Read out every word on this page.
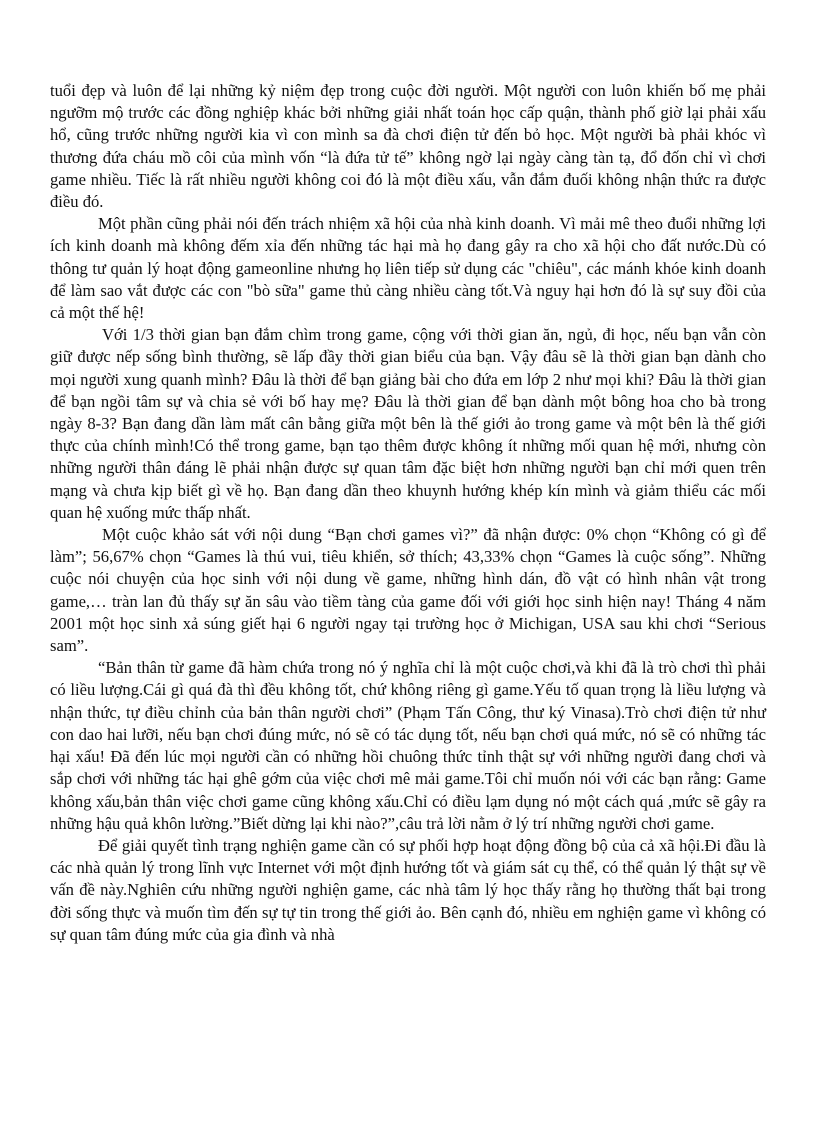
tuổi đẹp và luôn để lại những kỷ niệm đẹp trong cuộc đời người. Một người con luôn khiến bố mẹ phải ngưỡm mộ trước các đồng nghiệp khác bởi những giải nhất toán học cấp quận, thành phố giờ lại phải xấu hổ, cũng trước những người kia vì con mình sa đà chơi điện tử đến bỏ học. Một người bà phải khóc vì thương đứa cháu mồ côi của mình vốn “là đứa tử tế” không ngờ lại ngày càng tàn tạ, đổ đốn chỉ vì chơi game nhiều. Tiếc là rất nhiều người không coi đó là một điều xấu, vẫn đắm đuối không nhận thức ra được điều đó.

Một phần cũng phải nói đến trách nhiệm xã hội của nhà kinh doanh. Vì mải mê theo đuổi những lợi ích kinh doanh mà không đếm xỉa đến những tác hại mà họ đang gây ra cho xã hội cho đất nước.Dù có thông tư quản lý hoạt động gameonline nhưng họ liên tiếp sử dụng các "chiêu", các mánh khóe kinh doanh để làm sao vắt được các con "bò sữa" game thủ càng nhiều càng tốt.Và nguy hại hơn đó là sự suy đồi của cả một thế hệ!

Với 1/3 thời gian bạn đắm chìm trong game, cộng với thời gian ăn, ngủ, đi học, nếu bạn vẫn còn giữ được nếp sống bình thường, sẽ lấp đầy thời gian biểu của bạn. Vậy đâu sẽ là thời gian bạn dành cho mọi người xung quanh mình? Đâu là thời để bạn giảng bài cho đứa em lớp 2 như mọi khi? Đâu là thời gian để bạn ngồi tâm sự và chia sẻ với bố hay mẹ? Đâu là thời gian để bạn dành một bông hoa cho bà trong ngày 8-3? Bạn đang dần làm mất cân bằng giữa một bên là thế giới ảo trong game và một bên là thế giới thực của chính mình!Có thể trong game, bạn tạo thêm được không ít những mối quan hệ mới, nhưng còn những người thân đáng lẽ phải nhận được sự quan tâm đặc biệt hơn những người bạn chỉ mới quen trên mạng và chưa kịp biết gì về họ. Bạn đang dần theo khuynh hướng khép kín mình và giảm thiểu các mối quan hệ xuống mức thấp nhất.

Một cuộc khảo sát với nội dung “Bạn chơi games vì?” đã nhận được: 0% chọn “Không có gì để làm”; 56,67% chọn “Games là thú vui, tiêu khiển, sở thích; 43,33% chọn “Games là cuộc sống”. Những cuộc nói chuyện của học sinh với nội dung về game, những hình dán, đồ vật có hình nhân vật trong game,… tràn lan đủ thấy sự ăn sâu vào tiềm tàng của game đối với giới học sinh hiện nay! Tháng 4 năm 2001 một học sinh xả súng giết hại 6 người ngay tại trường học ở Michigan, USA sau khi chơi “Serious sam”.

“Bản thân từ game đã hàm chứa trong nó ý nghĩa chỉ là một cuộc chơi,và khi đã là trò chơi thì phải có liều lượng.Cái gì quá đà thì đều không tốt, chứ không riêng gì game.Yếu tố quan trọng là liều lượng và nhận thức, tự điều chỉnh của bản thân người chơi” (Phạm Tấn Công, thư ký Vinasa).Trò chơi điện tử như con dao hai lưỡi, nếu bạn chơi đúng mức, nó sẽ có tác dụng tốt, nếu bạn chơi quá mức, nó sẽ có những tác hại xấu! Đã đến lúc mọi người cần có những hồi chuông thức tỉnh thật sự với những người đang chơi và sắp chơi với những tác hại ghê gớm của việc chơi mê mải game.Tôi chỉ muốn nói với các bạn rằng: Game không xấu,bản thân việc chơi game cũng không xấu.Chỉ có điều lạm dụng nó một cách quá ,mức sẽ gây ra những hậu quả khôn lường.”Biết dừng lại khi nào?”,câu trả lời nằm ở lý trí những người chơi game.

Để giải quyết tình trạng nghiện game cần có sự phối hợp hoạt động đồng bộ của cả xã hội.Đi đầu là các nhà quản lý trong lĩnh vực Internet với một định hướng tốt và giám sát cụ thể, có thể quản lý thật sự về vấn đề này.Nghiên cứu những người nghiện game, các nhà tâm lý học thấy rằng họ thường thất bại trong đời sống thực và muốn tìm đến sự tự tin trong thế giới ảo. Bên cạnh đó, nhiều em nghiện game vì không có sự quan tâm đúng mức của gia đình và nhà
